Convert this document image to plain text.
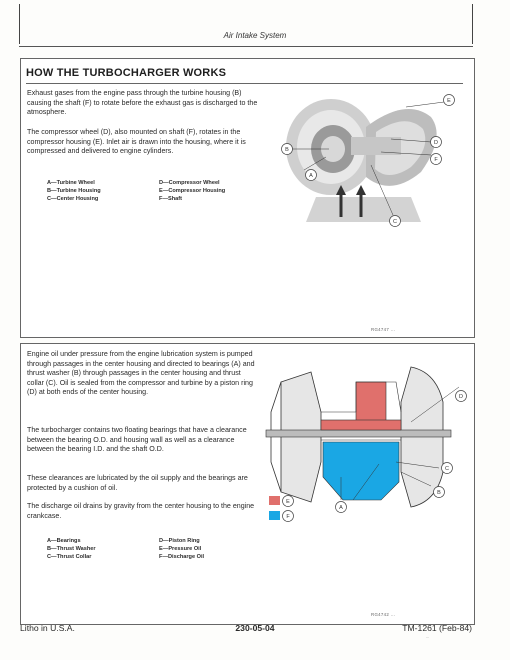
Air Intake System
HOW THE TURBOCHARGER WORKS
Exhaust gases from the engine pass through the turbine housing (B) causing the shaft (F) to rotate before the exhaust gas is discharged to the atmosphere.
The compressor wheel (D), also mounted on shaft (F), rotates in the compressor housing (E). Inlet air is drawn into the housing, where it is compressed and delivered to engine cylinders.
A—Turbine Wheel
B—Turbine Housing
C—Center Housing
D—Compressor Wheel
E—Compressor Housing
F—Shaft
A
B
C
D
E
F
RG4747 ...
Engine oil under pressure from the engine lubrication system is pumped through passages in the center housing and directed to bearings (A) and thrust washer (B) through passages in the center housing and thrust collar (C). Oil is sealed from the compressor and turbine by a piston ring (D) at both ends of the center housing.
The turbocharger contains two floating bearings that have a clearance between the bearing O.D. and housing wall as well as a clearance between the bearing I.D. and the shaft O.D.
These clearances are lubricated by the oil supply and the bearings are protected by a cushion of oil.
The discharge oil drains by gravity from the center housing to the engine crankcase.
A—Bearings
B—Thrust Washer
C—Thrust Collar
D—Piston Ring
E—Pressure Oil
F—Discharge Oil
A
B
C
D
E
F
RG4742 ...
Litho in U.S.A.	230-05-04	TM-1261 (Feb-84)
...
